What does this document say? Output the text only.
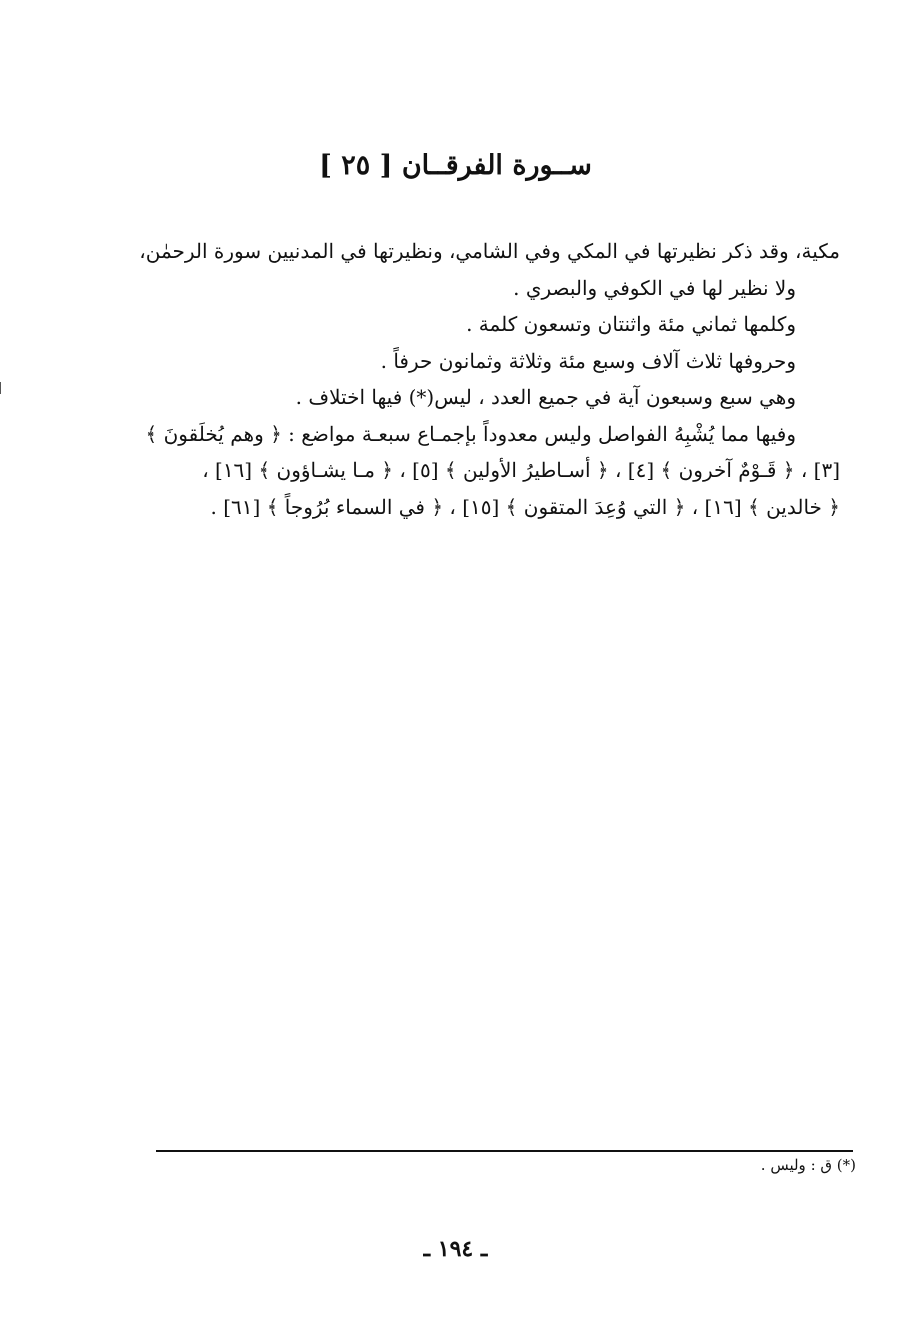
ســورة الفرقــان [ ٢٥ ]
مكية، وقد ذكر نظيرتها في المكي وفي الشامي، ونظيرتها في المدنيين سورة الرحمٰن،
ولا نظير لها في الكوفي والبصري .
وكلمها ثماني مئة واثنتان وتسعون كلمة .
وحروفها ثلاث آلاف وسبع مئة وثلاثة وثمانون حرفاً .
وهي سبع وسبعون آية في جميع العدد ، ليس(*) فيها اختلاف .
وفيها مما يُشْبِهُ الفواصل وليس معدوداً بإجمـاع سبعـة مواضع : ﴿ وهم يُخلَقونَ ﴾
[٣] ، ﴿ قَـوْمٌ آخرون ﴾ [٤] ، ﴿ أسـاطيرُ الأولين ﴾ [٥] ، ﴿ مـا يشـاؤون ﴾ [١٦] ،
﴿ خالدين ﴾ [١٦] ، ﴿ التي وُعِدَ المتقون ﴾ [١٥] ، ﴿ في السماء بُرُوجاً ﴾ [٦١] .
(*) ق : وليس .
ـ ١٩٤ ـ
